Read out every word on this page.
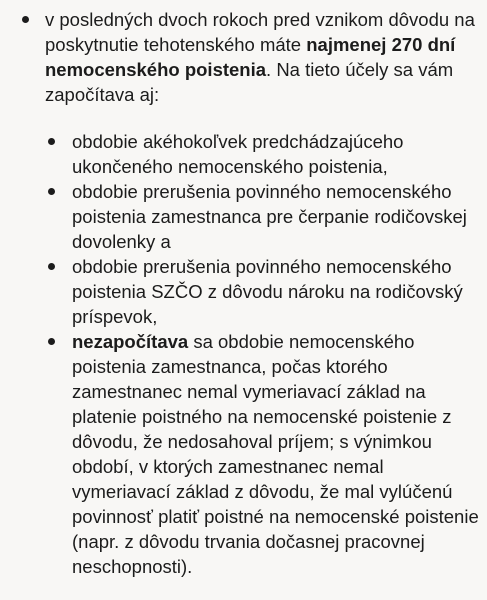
v posledných dvoch rokoch pred vznikom dôvodu na poskytnutie tehotenského máte najmenej 270 dní nemocenského poistenia. Na tieto účely sa vám započítava aj:

obdobie akéhokoľvek predchádzajúceho ukončeného nemocenského poistenia,

obdobie prerušenia povinného nemocenského poistenia zamestnanca pre čerpanie rodičovskej dovolenky a

obdobie prerušenia povinného nemocenského poistenia SZČO z dôvodu nároku na rodičovský príspevok,

nezapočítava sa obdobie nemocenského poistenia zamestnanca, počas ktorého zamestnanec nemal vymeriavací základ na platenie poistného na nemocenské poistenie z dôvodu, že nedosahoval príjem; s výnimkou období, v ktorých zamestnanec nemal vymeriavací základ z dôvodu, že mal vylúčenú povinnosť platiť poistné na nemocenské poistenie (napr. z dôvodu trvania dočasnej pracovnej neschopnosti).
